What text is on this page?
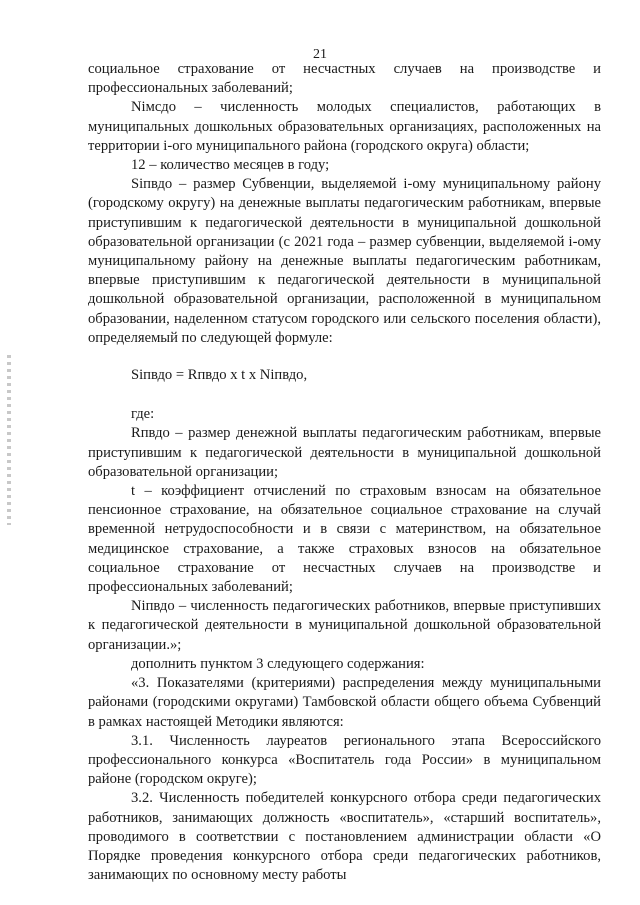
21

социальное страхование от несчастных случаев на производстве и профессиональных заболеваний;

Nімсдо – численность молодых специалистов, работающих в муниципальных дошкольных образовательных организациях, расположенных на территории і-ого муниципального района (городского округа) области;

12 – количество месяцев в году;

Sіпвдо – размер Субвенции, выделяемой і-ому муниципальному району (городскому округу) на денежные выплаты педагогическим работникам, впервые приступившим к педагогической деятельности в муниципальной дошкольной образовательной организации (с 2021 года – размер субвенции, выделяемой і-ому муниципальному району на денежные выплаты педагогическим работникам, впервые приступившим к педагогической деятельности в муниципальной дошкольной образовательной организации, расположенной в муниципальном образовании, наделенном статусом городского или сельского поселения области), определяемый по следующей формуле:

Sіпвдо = Rпвдо x t x Nіпвдо,

где:

Rпвдо – размер денежной выплаты педагогическим работникам, впервые приступившим к педагогической деятельности в муниципальной дошкольной образовательной организации;

t – коэффициент отчислений по страховым взносам на обязательное пенсионное страхование, на обязательное социальное страхование на случай временной нетрудоспособности и в связи с материнством, на обязательное медицинское страхование, а также страховых взносов на обязательное социальное страхование от несчастных случаев на производстве и профессиональных заболеваний;

Nіпвдо – численность педагогических работников, впервые приступивших к педагогической деятельности в муниципальной дошкольной образовательной организации.»;

дополнить пунктом 3 следующего содержания:

«3. Показателями (критериями) распределения между муниципальными районами (городскими округами) Тамбовской области общего объема Субвенций в рамках настоящей Методики являются:

3.1. Численность лауреатов регионального этапа Всероссийского профессионального конкурса «Воспитатель года России» в муниципальном районе (городском округе);

3.2. Численность победителей конкурсного отбора среди педагогических работников, занимающих должность «воспитатель», «старший воспитатель», проводимого в соответствии с постановлением администрации области «О Порядке проведения конкурсного отбора среди педагогических работников, занимающих по основному месту работы
